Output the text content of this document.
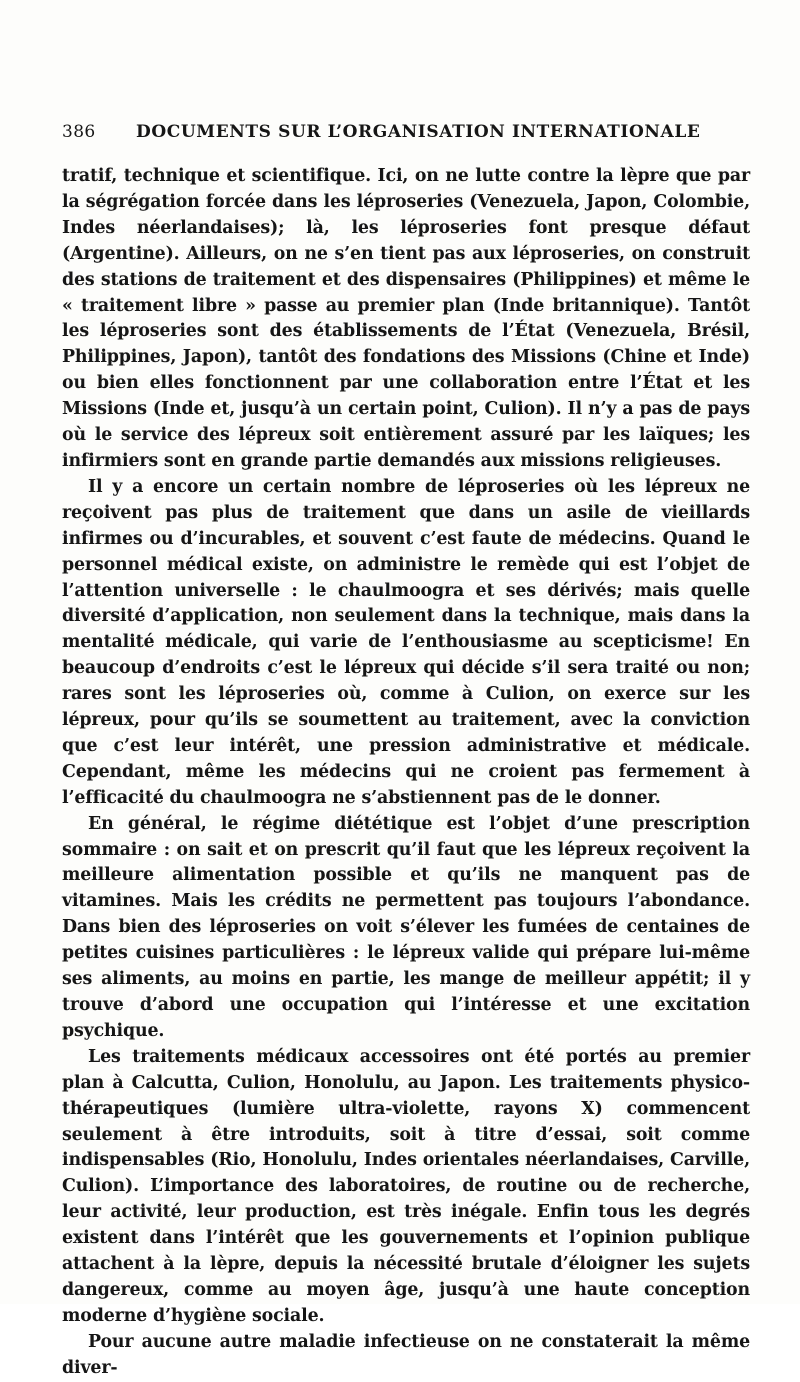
386 DOCUMENTS SUR L’ORGANISATION INTERNATIONALE

tratif, technique et scientifique. Ici, on ne lutte contre la lèpre que par la ségrégation forcée dans les léproseries (Venezuela, Japon, Colombie, Indes néerlandaises); là, les léproseries font presque défaut (Argentine). Ailleurs, on ne s’en tient pas aux léproseries, on construit des stations de traitement et des dispensaires (Philippines) et même le « traitement libre » passe au premier plan (Inde britannique). Tantôt les léproseries sont des établissements de l’État (Venezuela, Brésil, Philippines, Japon), tantôt des fondations des Missions (Chine et Inde) ou bien elles fonctionnent par une collaboration entre l’État et les Missions (Inde et, jusqu’à un certain point, Culion). Il n’y a pas de pays où le service des lépreux soit entièrement assuré par les laïques; les infirmiers sont en grande partie demandés aux missions religieuses.

Il y a encore un certain nombre de léproseries où les lépreux ne reçoivent pas plus de traitement que dans un asile de vieillards infirmes ou d’incurables, et souvent c’est faute de médecins. Quand le personnel médical existe, on administre le remède qui est l’objet de l’attention universelle : le chaulmoogra et ses dérivés; mais quelle diversité d’application, non seulement dans la technique, mais dans la mentalité médicale, qui varie de l’enthousiasme au scepticisme! En beaucoup d’endroits c’est le lépreux qui décide s’il sera traité ou non; rares sont les léproseries où, comme à Culion, on exerce sur les lépreux, pour qu’ils se soumettent au traitement, avec la conviction que c’est leur intérêt, une pression administrative et médicale. Cependant, même les médecins qui ne croient pas fermement à l’efficacité du chaulmoogra ne s’abstiennent pas de le donner.

En général, le régime diététique est l’objet d’une prescription sommaire : on sait et on prescrit qu’il faut que les lépreux reçoivent la meilleure alimentation possible et qu’ils ne manquent pas de vitamines. Mais les crédits ne permettent pas toujours l’abondance. Dans bien des léproseries on voit s’élever les fumées de centaines de petites cuisines particulières : le lépreux valide qui prépare lui-même ses aliments, au moins en partie, les mange de meilleur appétit; il y trouve d’abord une occupation qui l’intéresse et une excitation psychique.

Les traitements médicaux accessoires ont été portés au premier plan à Calcutta, Culion, Honolulu, au Japon. Les traitements physico-thérapeutiques (lumière ultra-violette, rayons X) commencent seulement à être introduits, soit à titre d’essai, soit comme indispensables (Rio, Honolulu, Indes orientales néerlandaises, Carville, Culion). L’importance des laboratoires, de routine ou de recherche, leur activité, leur production, est très inégale. Enfin tous les degrés existent dans l’intérêt que les gouvernements et l’opinion publique attachent à la lèpre, depuis la nécessité brutale d’éloigner les sujets dangereux, comme au moyen âge, jusqu’à une haute conception moderne d’hygiène sociale.

Pour aucune autre maladie infectieuse on ne constaterait la même diver-
